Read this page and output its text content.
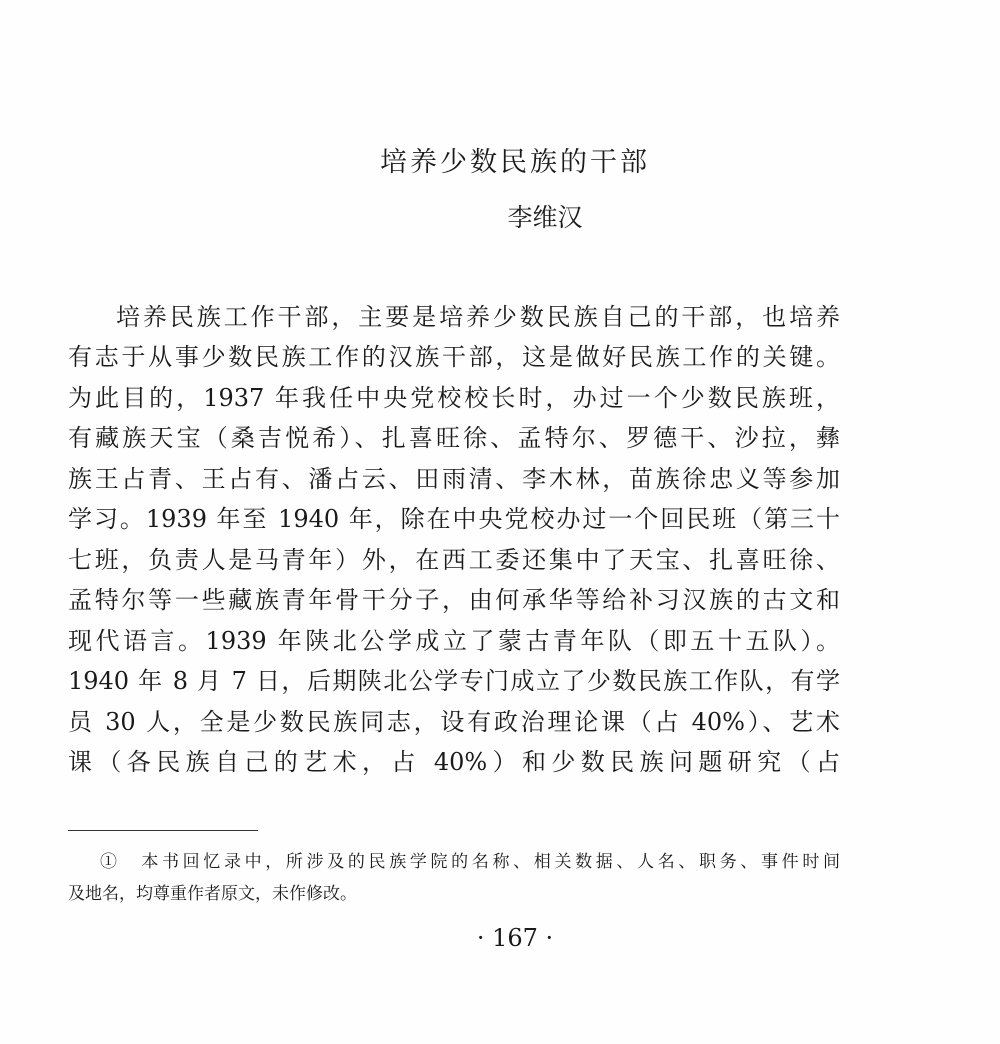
培养少数民族的干部
李维汉
培养民族工作干部，主要是培养少数民族自己的干部，也培养
有志于从事少数民族工作的汉族干部，这是做好民族工作的关键。
为此目的，1937 年我任中央党校校长时，办过一个少数民族班，
有藏族天宝（桑吉悦希）、扎喜旺徐、孟特尔、罗德干、沙拉，彝
族王占青、王占有、潘占云、田雨清、李木林，苗族徐忠义等参加
学习。1939 年至 1940 年，除在中央党校办过一个回民班（第三十
七班，负责人是马青年）外，在西工委还集中了天宝、扎喜旺徐、
孟特尔等一些藏族青年骨干分子，由何承华等给补习汉族的古文和
现代语言。1939 年陕北公学成立了蒙古青年队（即五十五队）。
1940 年 8 月 7 日，后期陕北公学专门成立了少数民族工作队，有学
员 30 人，全是少数民族同志，设有政治理论课（占 40%）、艺术
课（各民族自己的艺术，占 40%）和少数民族问题研究（占
①　本书回忆录中，所涉及的民族学院的名称、相关数据、人名、职务、事件时间
及地名，均尊重作者原文，未作修改。
· 167 ·
